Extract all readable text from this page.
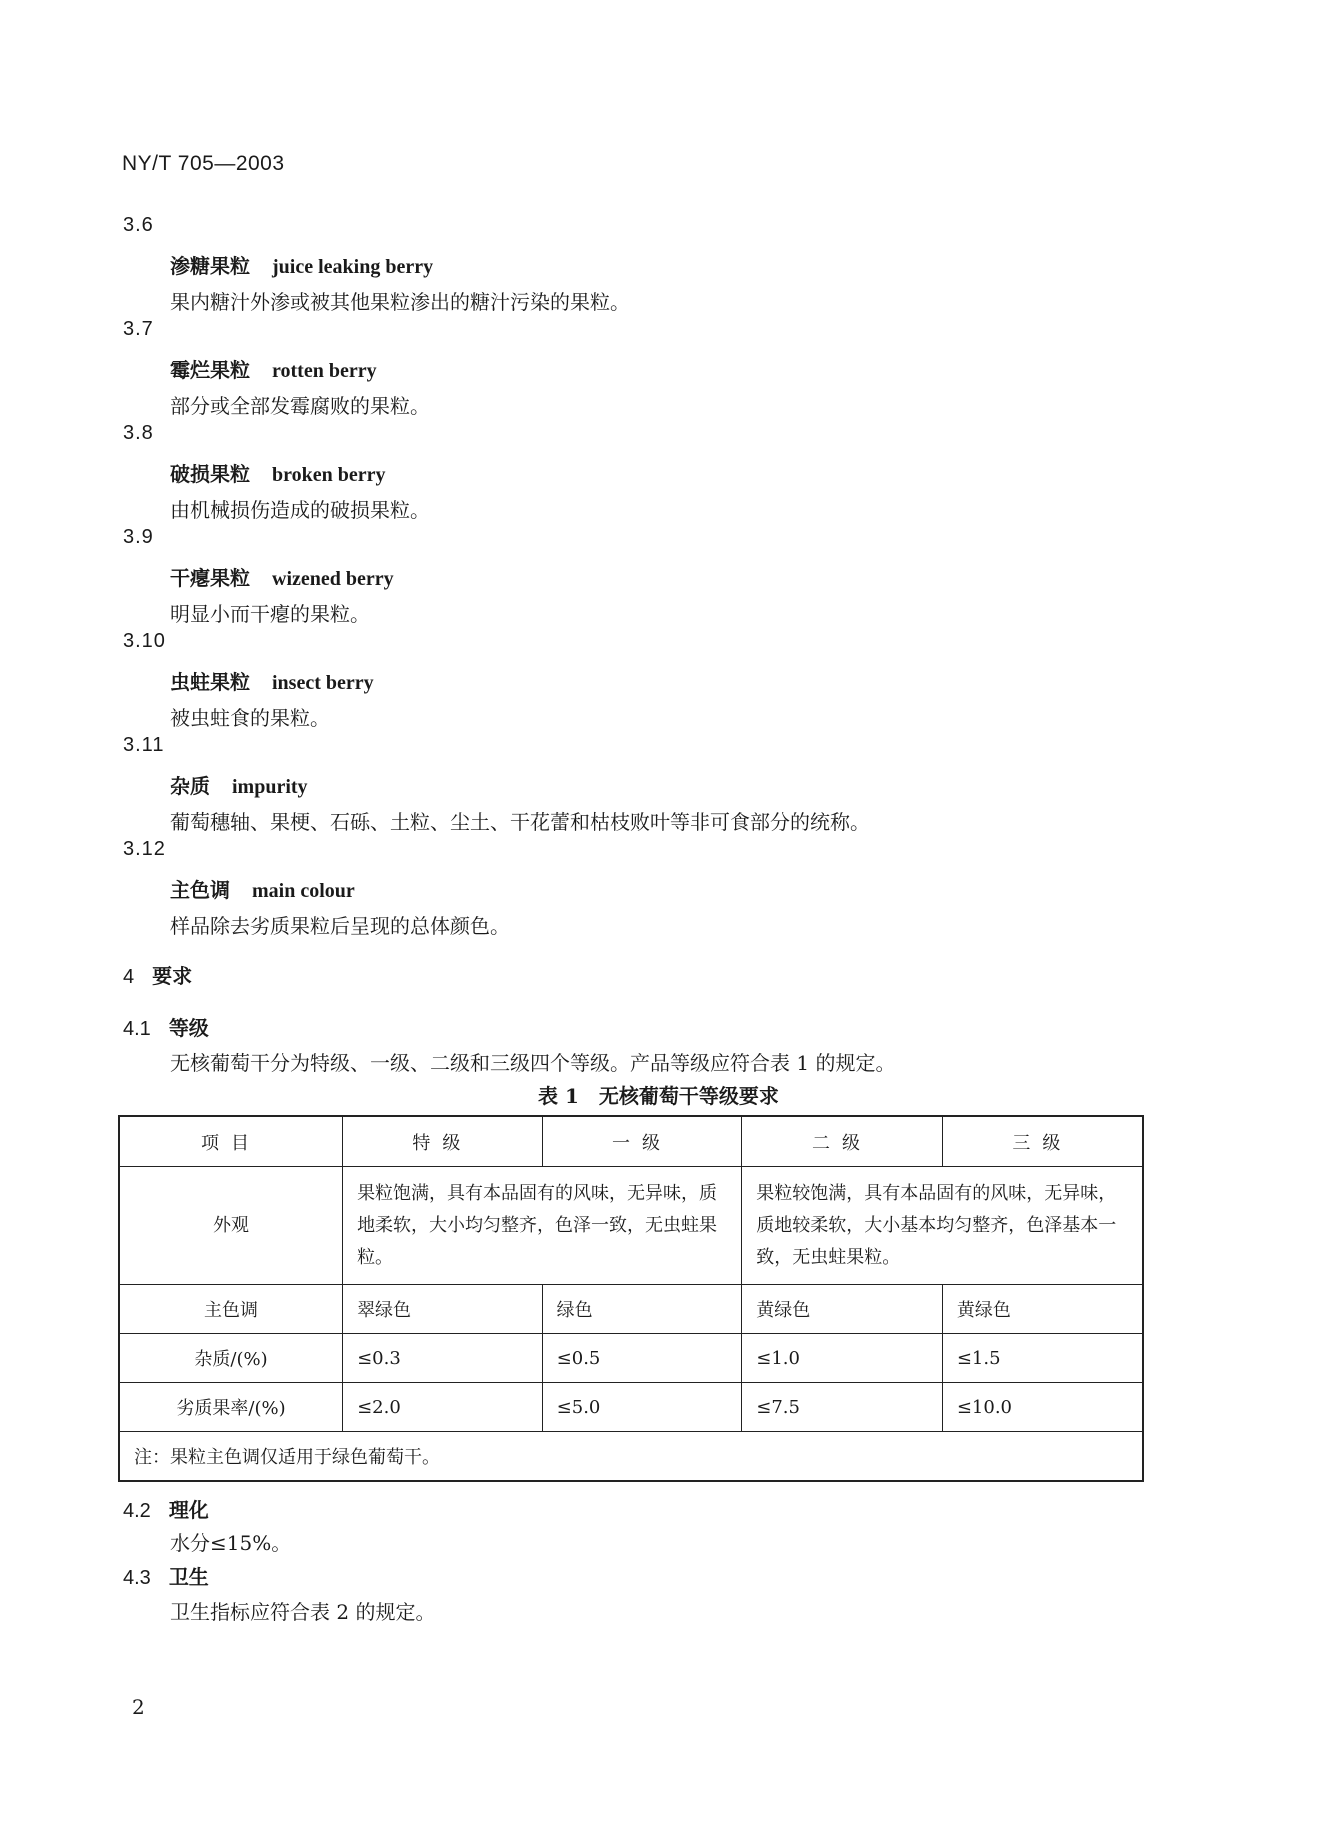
NY/T 705—2003
3.6
渗糖果粒 juice leaking berry
果内糖汁外渗或被其他果粒渗出的糖汁污染的果粒。
3.7
霉烂果粒 rotten berry
部分或全部发霉腐败的果粒。
3.8
破损果粒 broken berry
由机械损伤造成的破损果粒。
3.9
干瘪果粒 wizened berry
明显小而干瘪的果粒。
3.10
虫蛀果粒 insect berry
被虫蛀食的果粒。
3.11
杂质 impurity
葡萄穗轴、果梗、石砾、土粒、尘土、干花蕾和枯枝败叶等非可食部分的统称。
3.12
主色调 main colour
样品除去劣质果粒后呈现的总体颜色。
4 要求
4.1 等级
无核葡萄干分为特级、一级、二级和三级四个等级。产品等级应符合表 1 的规定。
表 1　无核葡萄干等级要求
项目	特级	一级	二级	三级
外观	果粒饱满，具有本品固有的风味，无异味，质地柔软，大小均匀整齐，色泽一致，无虫蛀果粒。		果粒较饱满，具有本品固有的风味，无异味，质地较柔软，大小基本均匀整齐，色泽基本一致，无虫蛀果粒。	
主色调	翠绿色	绿色	黄绿色	黄绿色
杂质/(%)	≤0.3	≤0.5	≤1.0	≤1.5
劣质果率/(%)	≤2.0	≤5.0	≤7.5	≤10.0
注：果粒主色调仅适用于绿色葡萄干。				
4.2 理化
水分≤15%。
4.3 卫生
卫生指标应符合表 2 的规定。
2
